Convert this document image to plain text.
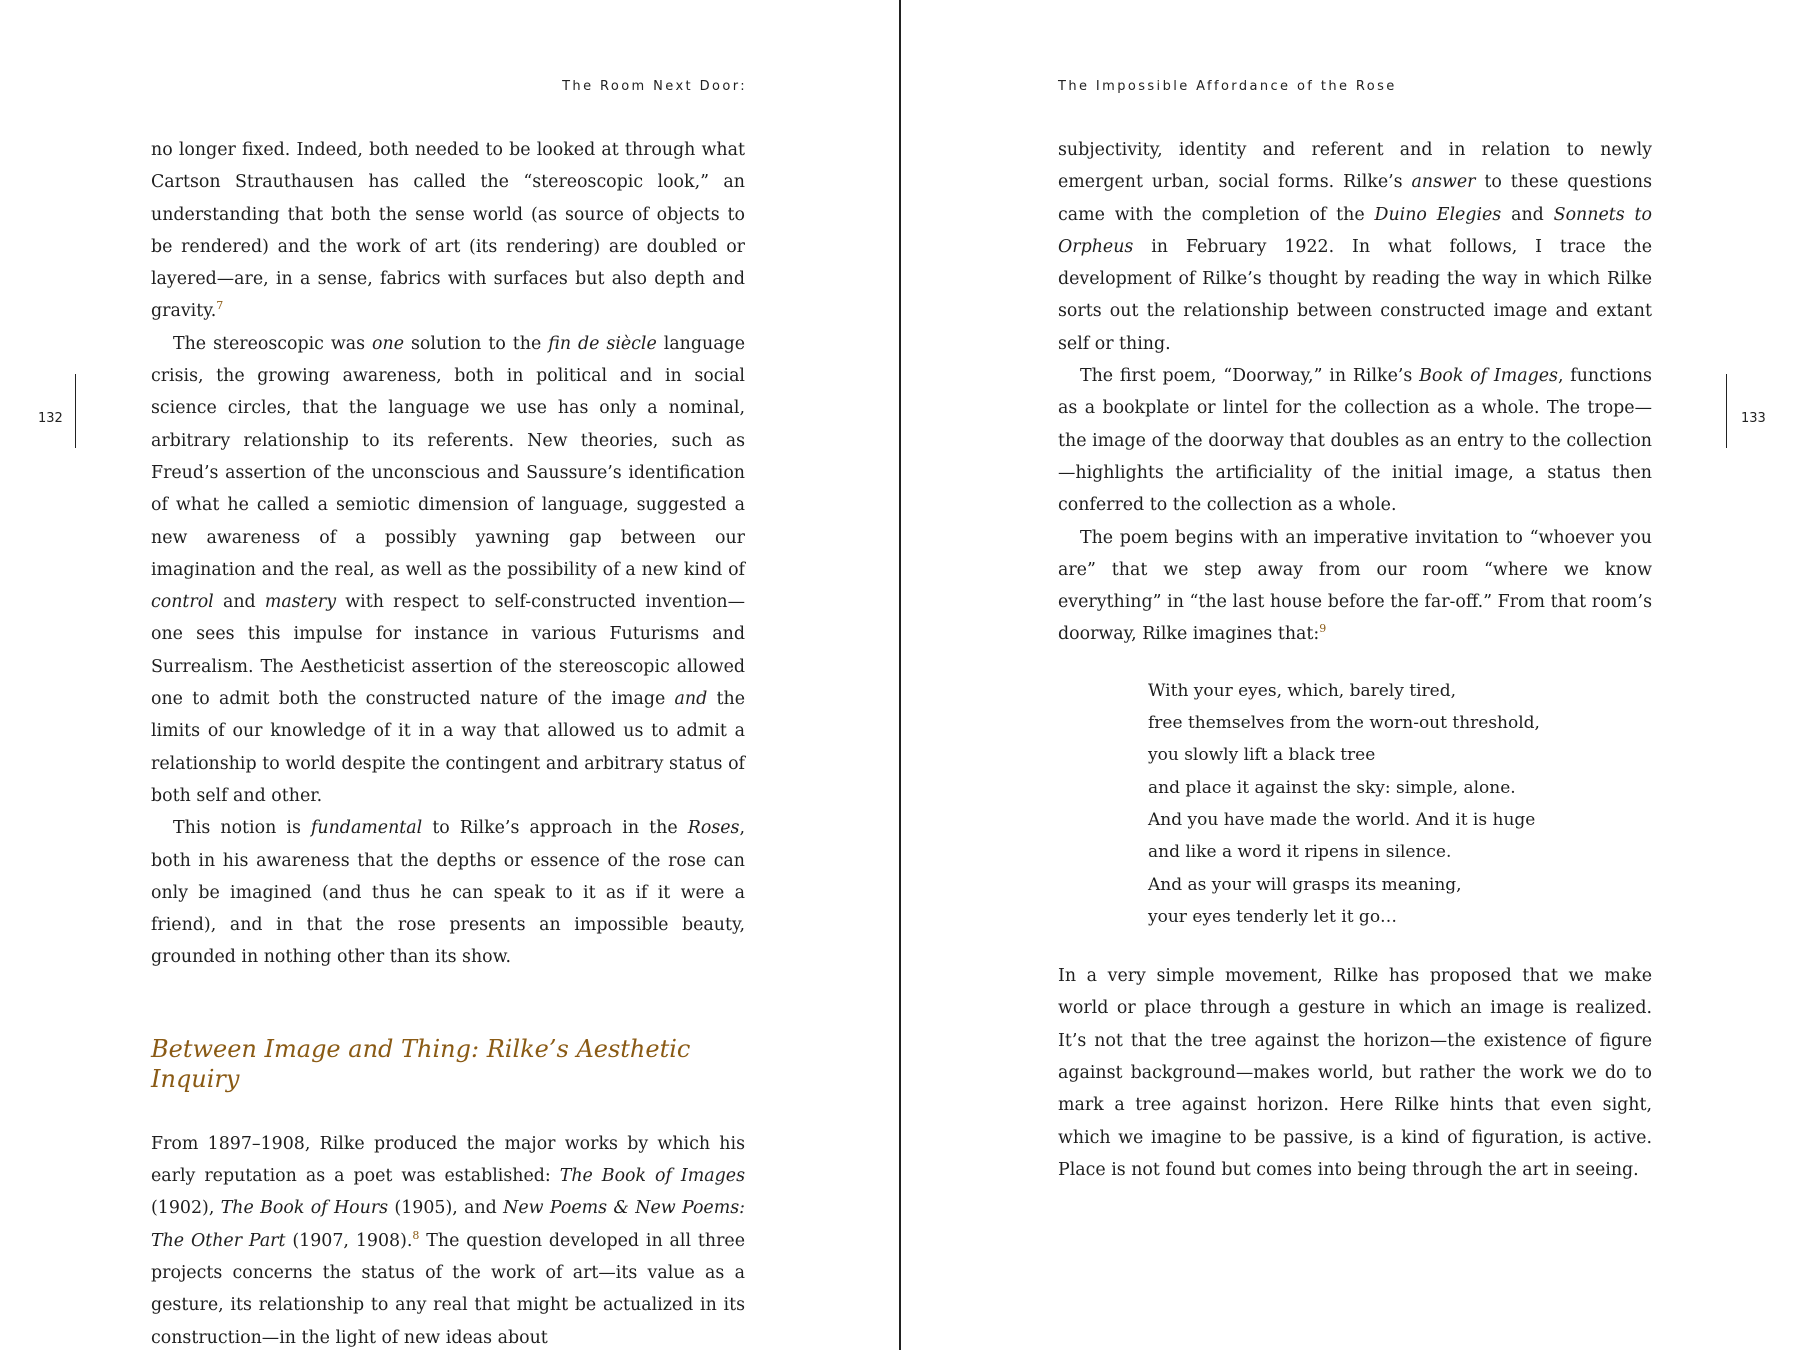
The Room Next Door:

132

no longer fixed. Indeed, both needed to be looked at through what Cartson Strauthausen has called the “stereoscopic look,” an understanding that both the sense world (as source of objects to be rendered) and the work of art (its rendering) are doubled or layered—are, in a sense, fabrics with surfaces but also depth and gravity.$^7$

The stereoscopic was one solution to the fin de siècle language crisis, the growing awareness, both in political and in social science circles, that the language we use has only a nominal, arbitrary relationship to its referents. New theories, such as Freud’s assertion of the unconscious and Saussure’s identification of what he called a semiotic dimension of language, suggested a new awareness of a possibly yawning gap between our imagination and the real, as well as the possibility of a new kind of control and mastery with respect to self-constructed invention—one sees this impulse for instance in various Futurisms and Surrealism. The Aestheticist assertion of the stereoscopic allowed one to admit both the constructed nature of the image and the limits of our knowledge of it in a way that allowed us to admit a relationship to world despite the contingent and arbitrary status of both self and other.

This notion is fundamental to Rilke’s approach in the Roses, both in his awareness that the depths or essence of the rose can only be imagined (and thus he can speak to it as if it were a friend), and in that the rose presents an impossible beauty, grounded in nothing other than its show.

Between Image and Thing: Rilke’s Aesthetic Inquiry

From 1897–1908, Rilke produced the major works by which his early reputation as a poet was established: The Book of Images (1902), The Book of Hours (1905), and New Poems & New Poems: The Other Part (1907, 1908).$^8$ The question developed in all three projects concerns the status of the work of art—its value as a gesture, its relationship to any real that might be actualized in its construction—in the light of new ideas about

The Impossible Affordance of the Rose

133

subjectivity, identity and referent and in relation to newly emergent urban, social forms. Rilke’s answer to these questions came with the completion of the Duino Elegies and Sonnets to Orpheus in February 1922. In what follows, I trace the development of Rilke’s thought by reading the way in which Rilke sorts out the relationship between constructed image and extant self or thing.

The first poem, “Doorway,” in Rilke’s Book of Images, functions as a bookplate or lintel for the collection as a whole. The trope—the image of the doorway that doubles as an entry to the collection—highlights the artificiality of the initial image, a status then conferred to the collection as a whole.

The poem begins with an imperative invitation to “whoever you are” that we step away from our room “where we know everything” in “the last house before the far-off.” From that room’s doorway, Rilke imagines that:$^9$

With your eyes, which, barely tired,

free themselves from the worn-out threshold,

you slowly lift a black tree

and place it against the sky: simple, alone.

And you have made the world. And it is huge

and like a word it ripens in silence.

And as your will grasps its meaning,

your eyes tenderly let it go…

In a very simple movement, Rilke has proposed that we make world or place through a gesture in which an image is realized. It’s not that the tree against the horizon—the existence of figure against background—makes world, but rather the work we do to mark a tree against horizon. Here Rilke hints that even sight, which we imagine to be passive, is a kind of figuration, is active. Place is not found but comes into being through the art in seeing.
